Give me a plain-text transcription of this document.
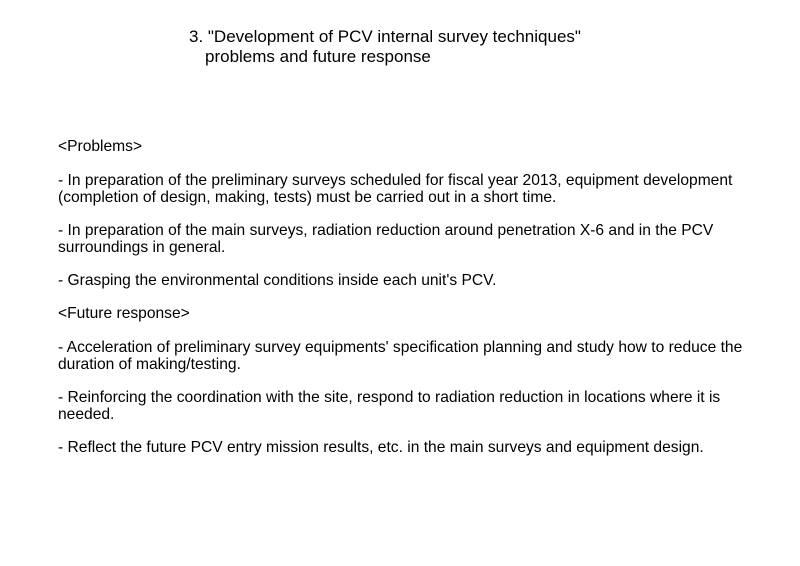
3. "Development of PCV internal survey techniques"
problems and future response

<Problems>

- In preparation of the preliminary surveys scheduled for fiscal year 2013, equipment development (completion of design, making, tests) must be carried out in a short time.

- In preparation of the main surveys, radiation reduction around penetration X-6 and in the PCV surroundings in general.

- Grasping the environmental conditions inside each unit's PCV.

<Future response>

- Acceleration of preliminary survey equipments' specification planning and study how to reduce the duration of making/testing.

- Reinforcing the coordination with the site, respond to radiation reduction in locations where it is needed.

- Reflect the future PCV entry mission results, etc. in the main surveys and equipment design.
